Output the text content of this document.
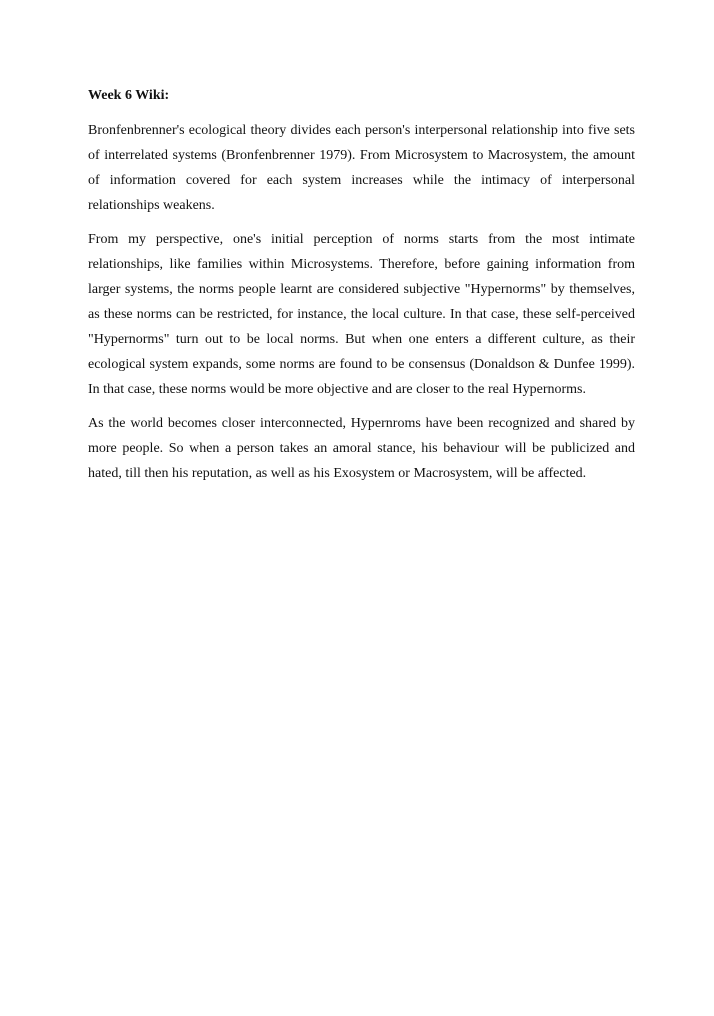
Week 6 Wiki:

Bronfenbrenner's ecological theory divides each person's interpersonal relationship into five sets of interrelated systems (Bronfenbrenner 1979). From Microsystem to Macrosystem, the amount of information covered for each system increases while the intimacy of interpersonal relationships weakens.

From my perspective, one's initial perception of norms starts from the most intimate relationships, like families within Microsystems. Therefore, before gaining information from larger systems, the norms people learnt are considered subjective "Hypernorms" by themselves, as these norms can be restricted, for instance, the local culture. In that case, these self-perceived "Hypernorms" turn out to be local norms. But when one enters a different culture, as their ecological system expands, some norms are found to be consensus (Donaldson & Dunfee 1999). In that case, these norms would be more objective and are closer to the real Hypernorms.

As the world becomes closer interconnected, Hypernroms have been recognized and shared by more people. So when a person takes an amoral stance, his behaviour will be publicized and hated, till then his reputation, as well as his Exosystem or Macrosystem, will be affected.
